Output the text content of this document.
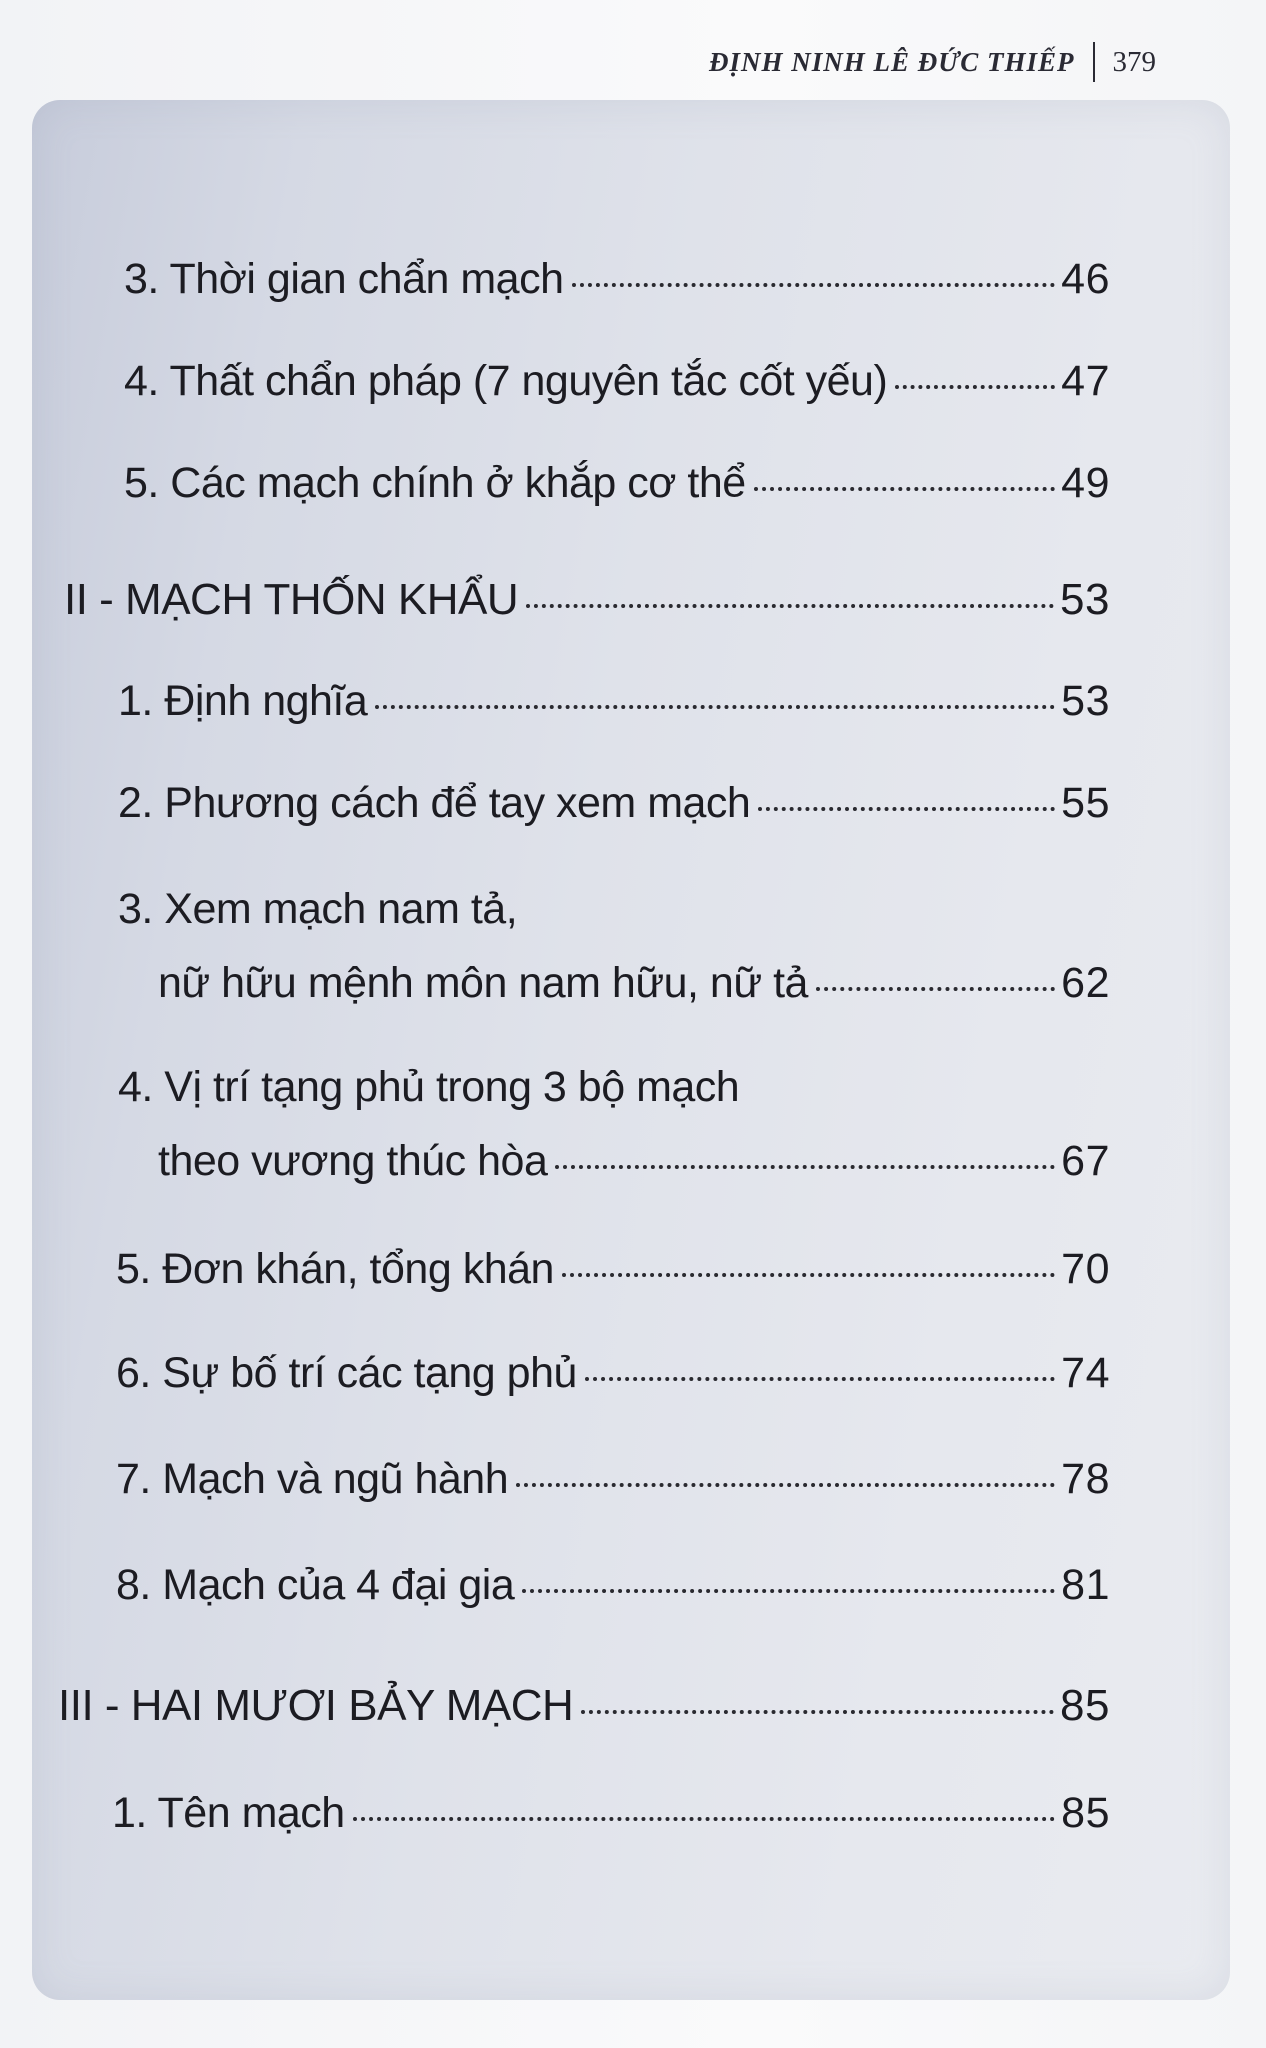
ĐỊNH NINH LÊ ĐỨC THIẾP 379
3. Thời gian chẩn mạch	46
4. Thất chẩn pháp (7 nguyên tắc cốt yếu)	47
5. Các mạch chính ở khắp cơ thể	49
II - MẠCH THỐN KHẨU	53
1. Định nghĩa	53
2. Phương cách để tay xem mạch	55
3. Xem mạch nam tả,
nữ hữu mệnh môn nam hữu, nữ tả	62
4. Vị trí tạng phủ trong 3 bộ mạch
theo vương thúc hòa	67
5. Đơn khán, tổng khán	70
6. Sự bố trí các tạng phủ	74
7. Mạch và ngũ hành	78
8. Mạch của 4 đại gia	81
III - HAI MƯƠI BẢY MẠCH	85
1. Tên mạch	85
